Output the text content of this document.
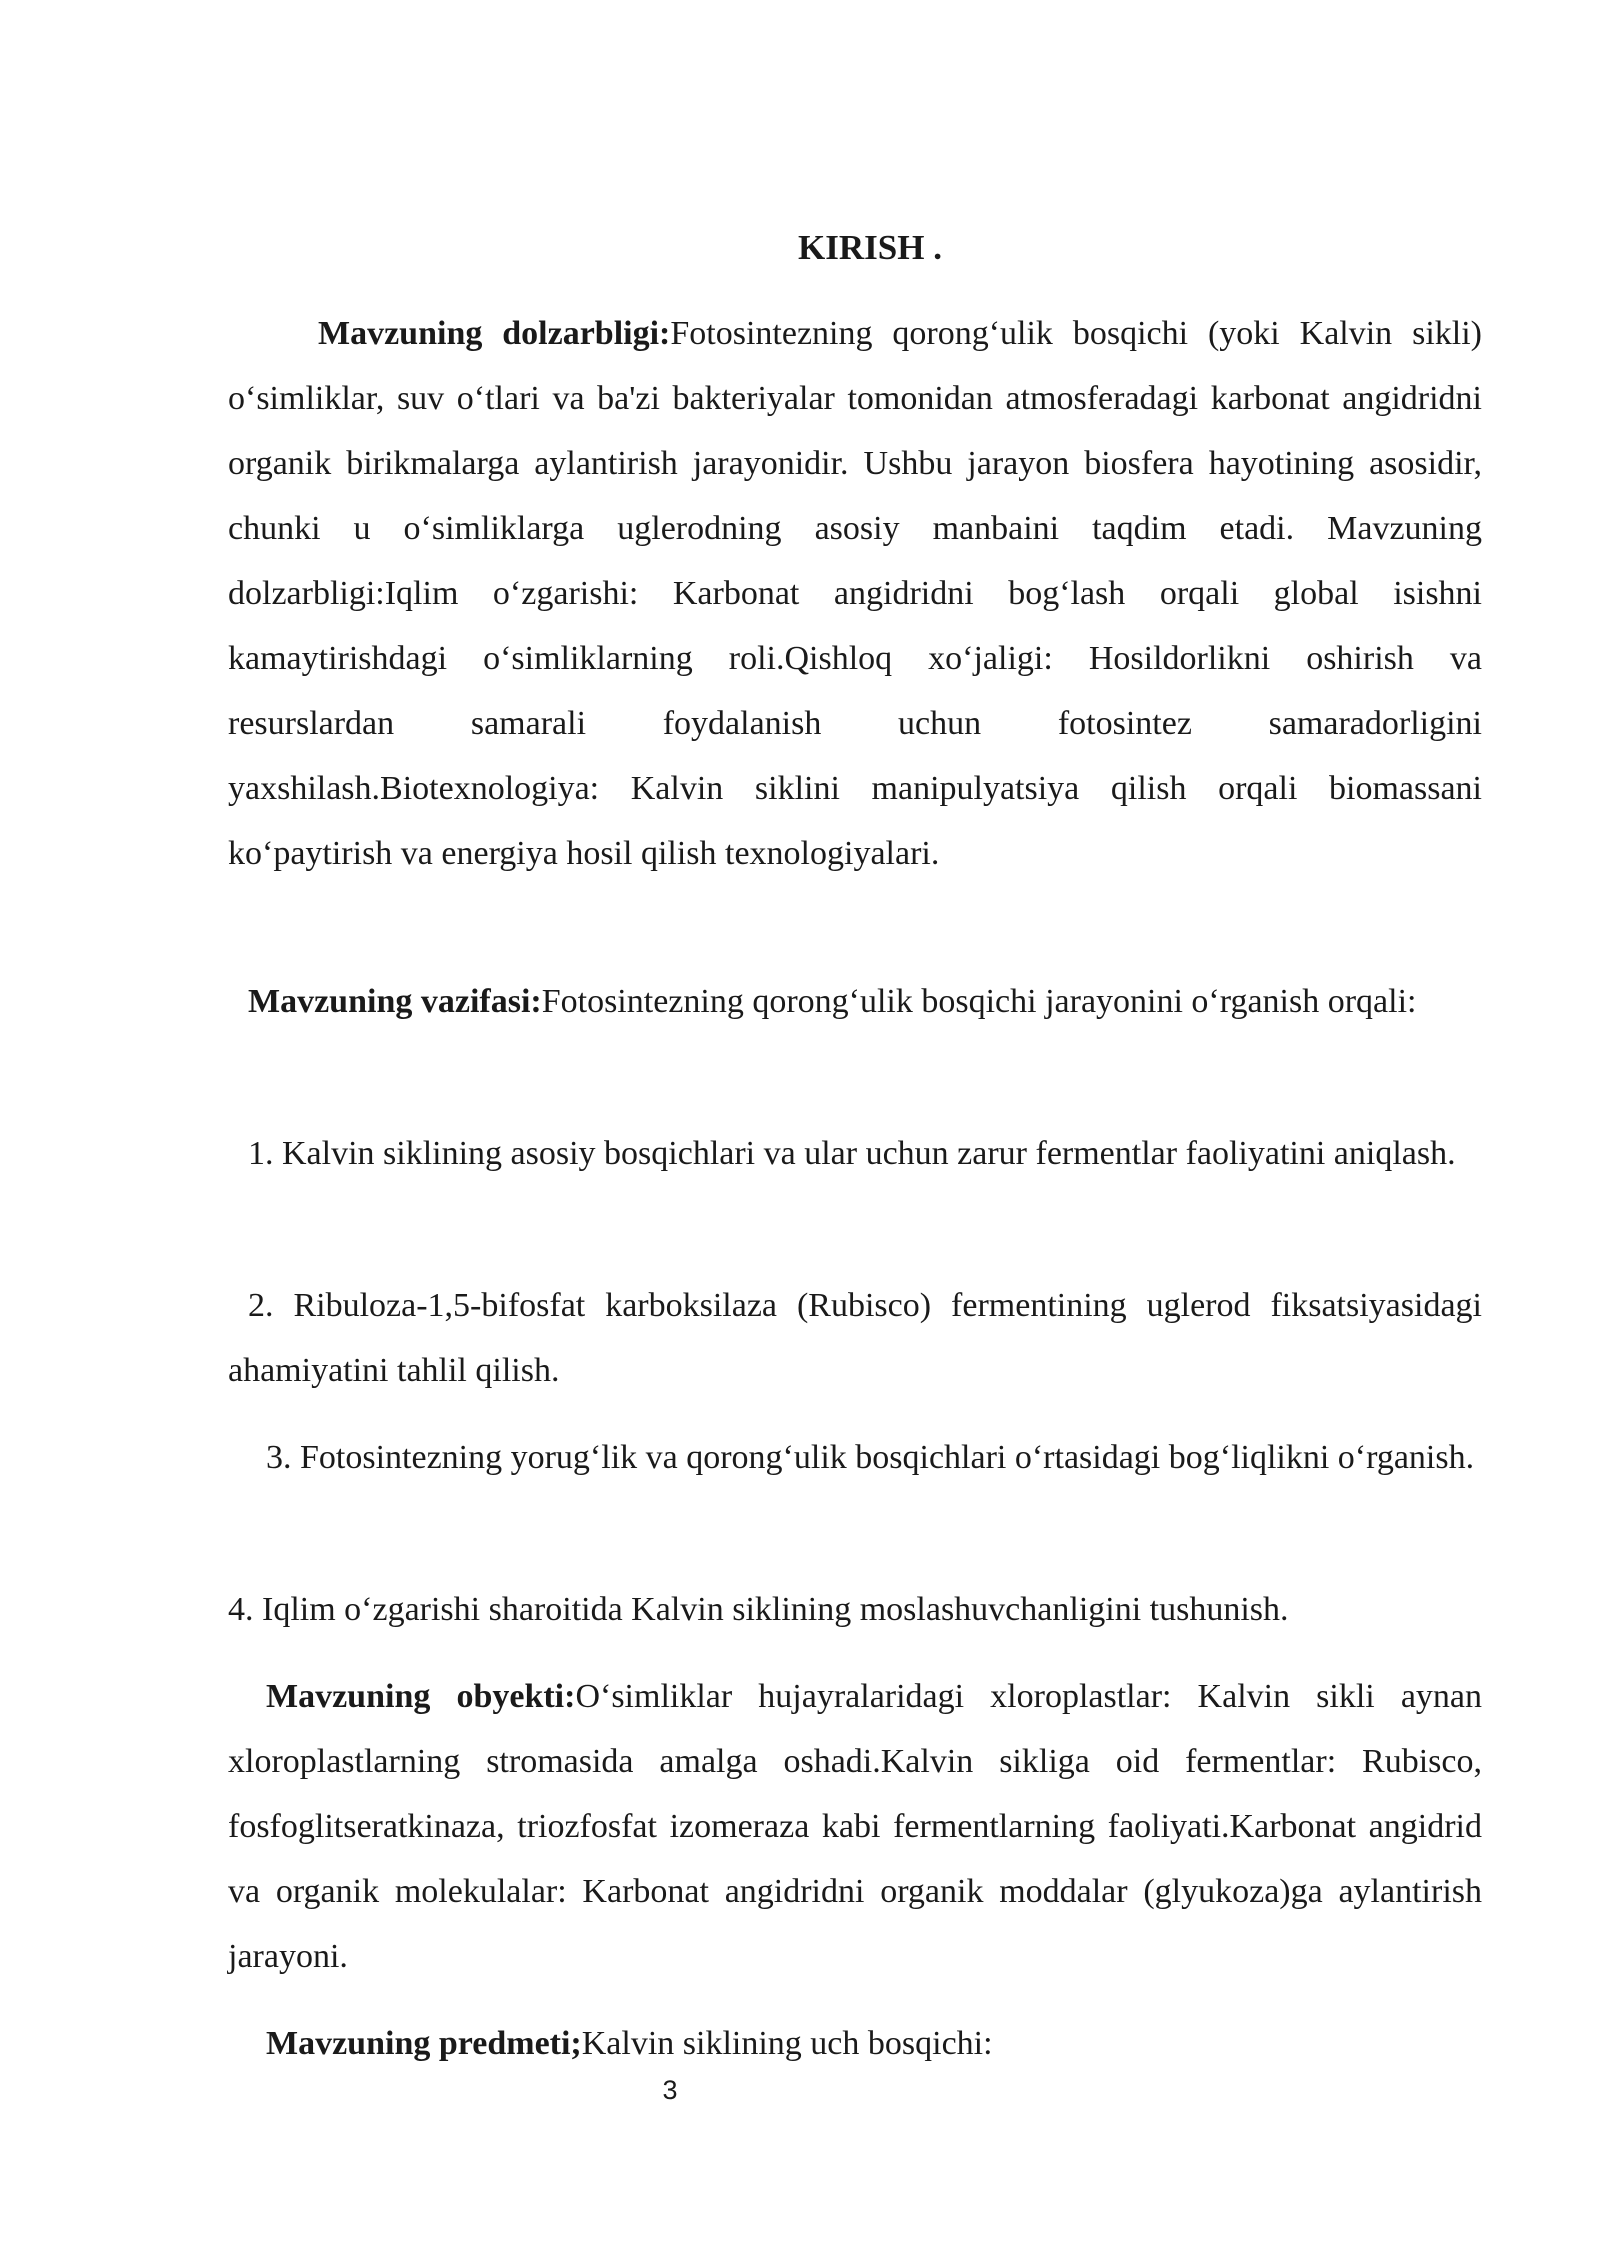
KIRISH .

Mavzuning dolzarbligi:Fotosintezning qorong‘ulik bosqichi (yoki Kalvin sikli) o‘simliklar, suv o‘tlari va ba'zi bakteriyalar tomonidan atmosferadagi karbonat angidridni organik birikmalarga aylantirish jarayonidir. Ushbu jarayon biosfera hayotining asosidir, chunki u o‘simliklarga uglerodning asosiy manbaini taqdim etadi. Mavzuning dolzarbligi:Iqlim o‘zgarishi: Karbonat angidridni bog‘lash orqali global isishni kamaytirishdagi o‘simliklarning roli.Qishloq xo‘jaligi: Hosildorlikni oshirish va resurslardan samarali foydalanish uchun fotosintez samaradorligini yaxshilash.Biotexnologiya: Kalvin siklini manipulyatsiya qilish orqali biomassani ko‘paytirish va energiya hosil qilish texnologiyalari.

Mavzuning vazifasi:Fotosintezning qorong‘ulik bosqichi jarayonini o‘rganish orqali:

1. Kalvin siklining asosiy bosqichlari va ular uchun zarur fermentlar faoliyatini aniqlash.

2. Ribuloza-1,5-bifosfat karboksilaza (Rubisco) fermentining uglerod fiksatsiyasidagi ahamiyatini tahlil qilish.

3. Fotosintezning yorug‘lik va qorong‘ulik bosqichlari o‘rtasidagi bog‘liqlikni o‘rganish.

4. Iqlim o‘zgarishi sharoitida Kalvin siklining moslashuvchanligini tushunish.

Mavzuning obyekti:O‘simliklar hujayralaridagi xloroplastlar: Kalvin sikli aynan xloroplastlarning stromasida amalga oshadi.Kalvin sikliga oid fermentlar: Rubisco, fosfoglitseratkinaza, triozfosfat izomeraza kabi fermentlarning faoliyati.Karbonat angidrid va organik molekulalar: Karbonat angidridni organik moddalar (glyukoza)ga aylantirish jarayoni.

Mavzuning predmeti;Kalvin siklining uch bosqichi:

3
